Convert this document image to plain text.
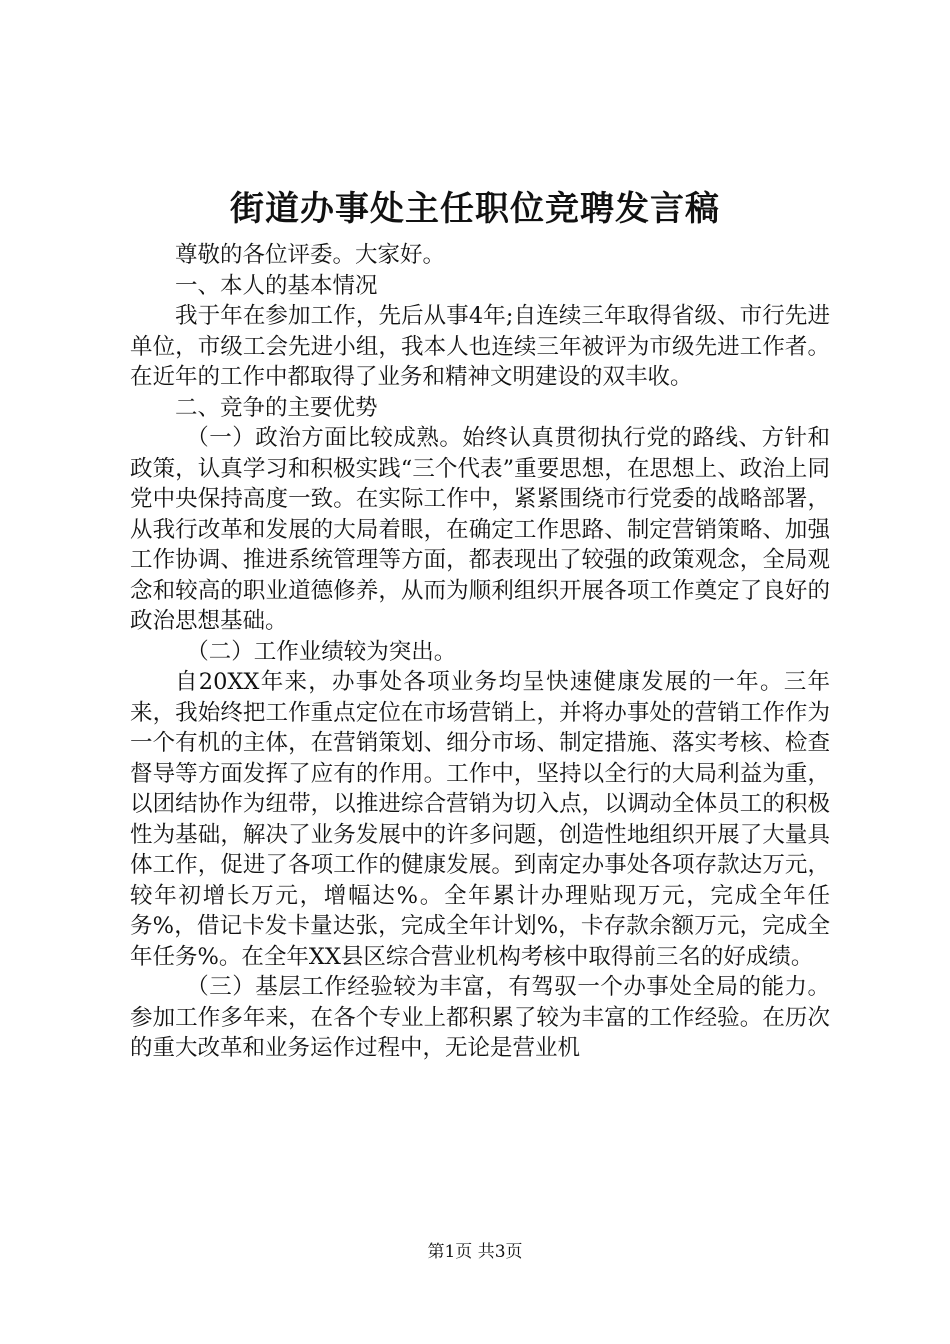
街道办事处主任职位竞聘发言稿

尊敬的各位评委。大家好。

一、本人的基本情况

我于年在参加工作，先后从事4年;自连续三年取得省级、市行先进单位，市级工会先进小组，我本人也连续三年被评为市级先进工作者。在近年的工作中都取得了业务和精神文明建设的双丰收。

二、竞争的主要优势

（一）政治方面比较成熟。始终认真贯彻执行党的路线、方针和政策，认真学习和积极实践“三个代表”重要思想，在思想上、政治上同党中央保持高度一致。在实际工作中，紧紧围绕市行党委的战略部署，从我行改革和发展的大局着眼，在确定工作思路、制定营销策略、加强工作协调、推进系统管理等方面，都表现出了较强的政策观念，全局观念和较高的职业道德修养，从而为顺利组织开展各项工作奠定了良好的政治思想基础。

（二）工作业绩较为突出。

自20XX年来，办事处各项业务均呈快速健康发展的一年。三年来，我始终把工作重点定位在市场营销上，并将办事处的营销工作作为一个有机的主体，在营销策划、细分市场、制定措施、落实考核、检查督导等方面发挥了应有的作用。工作中，坚持以全行的大局利益为重，以团结协作为纽带，以推进综合营销为切入点，以调动全体员工的积极性为基础，解决了业务发展中的许多问题，创造性地组织开展了大量具体工作，促进了各项工作的健康发展。到南定办事处各项存款达万元，较年初增长万元，增幅达%。全年累计办理贴现万元，完成全年任务%，借记卡发卡量达张，完成全年计划%，卡存款余额万元，完成全年任务%。在全年XX县区综合营业机构考核中取得前三名的好成绩。

（三）基层工作经验较为丰富，有驾驭一个办事处全局的能力。参加工作多年来，在各个专业上都积累了较为丰富的工作经验。在历次的重大改革和业务运作过程中，无论是营业机

第1页 共3页
